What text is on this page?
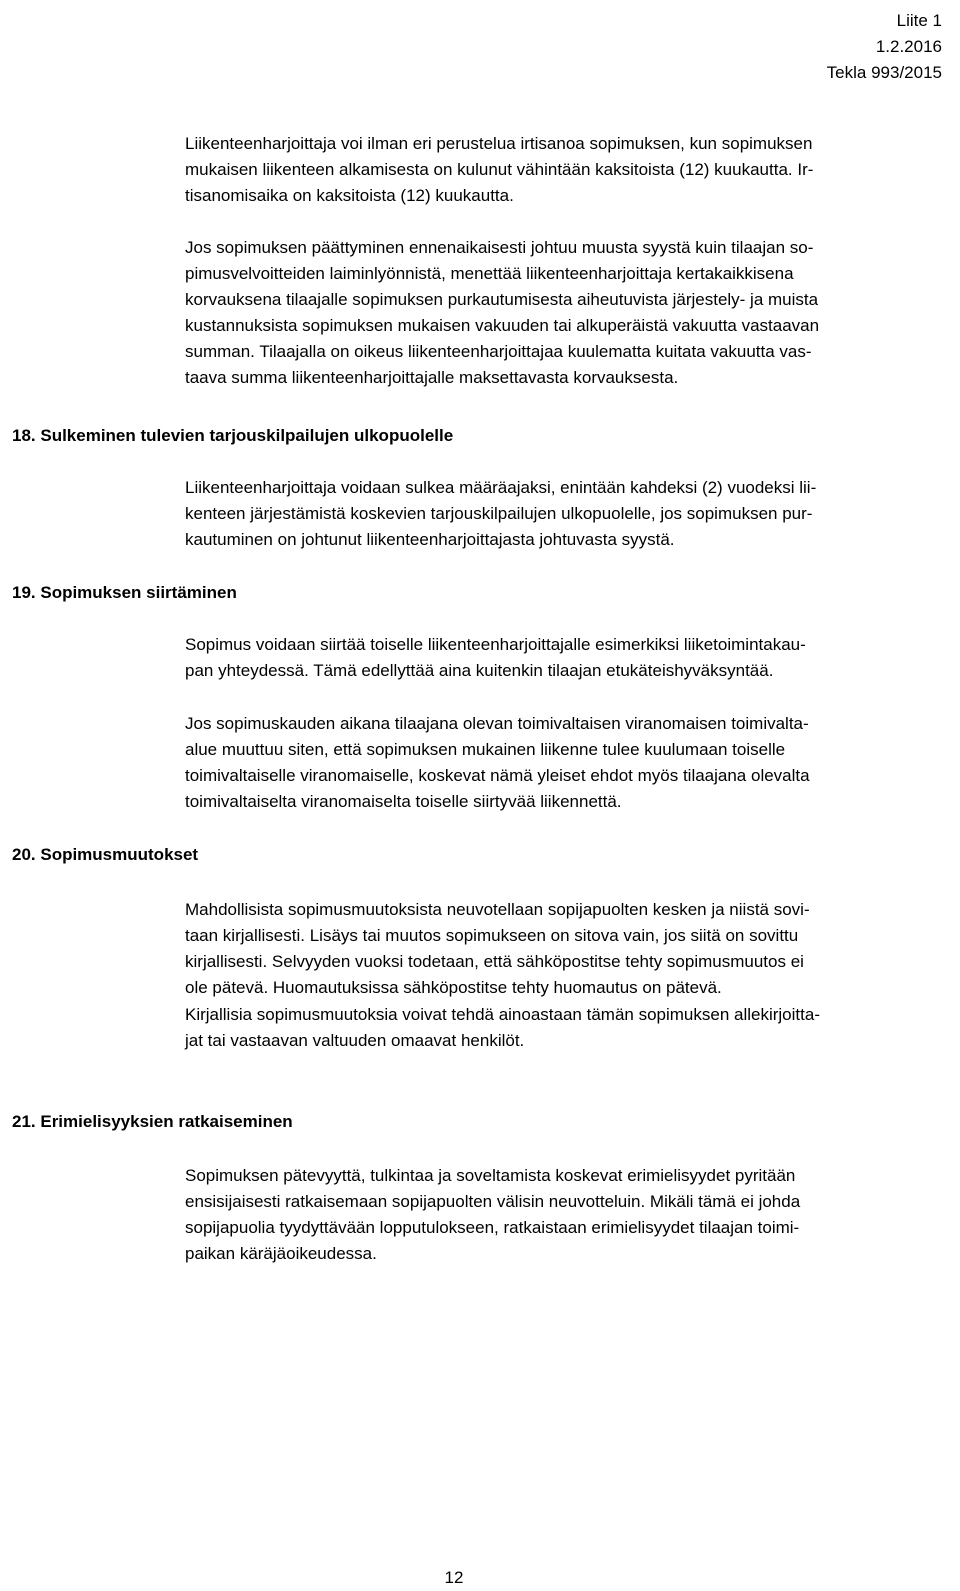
Liite 1
1.2.2016
Tekla 993/2015

Liikenteenharjoittaja voi ilman eri perustelua irtisanoa sopimuksen, kun sopimuksen
mukaisen liikenteen alkamisesta on kulunut vähintään kaksitoista (12) kuukautta. Ir-
tisanomisaika on kaksitoista (12) kuukautta.

Jos sopimuksen päättyminen ennenaikaisesti johtuu muusta syystä kuin tilaajan so-
pimusvelvoitteiden laiminlyönnistä, menettää liikenteenharjoittaja kertakaikkisena
korvauksena tilaajalle sopimuksen purkautumisesta aiheutuvista järjestely- ja muista
kustannuksista sopimuksen mukaisen vakuuden tai alkuperäistä vakuutta vastaavan
summan. Tilaajalla on oikeus liikenteenharjoittajaa kuulematta kuitata vakuutta vas-
taava summa liikenteenharjoittajalle maksettavasta korvauksesta.

18. Sulkeminen tulevien tarjouskilpailujen ulkopuolelle

Liikenteenharjoittaja voidaan sulkea määräajaksi, enintään kahdeksi (2) vuodeksi lii-
kenteen järjestämistä koskevien tarjouskilpailujen ulkopuolelle, jos sopimuksen pur-
kautuminen on johtunut liikenteenharjoittajasta johtuvasta syystä.

19. Sopimuksen siirtäminen

Sopimus voidaan siirtää toiselle liikenteenharjoittajalle esimerkiksi liiketoimintakau-
pan yhteydessä. Tämä edellyttää aina kuitenkin tilaajan etukäteishyväksyntää.

Jos sopimuskauden aikana tilaajana olevan toimivaltaisen viranomaisen toimivalta-
alue muuttuu siten, että sopimuksen mukainen liikenne tulee kuulumaan toiselle
toimivaltaiselle viranomaiselle, koskevat nämä yleiset ehdot myös tilaajana olevalta
toimivaltaiselta viranomaiselta toiselle siirtyvää liikennettä.

20. Sopimusmuutokset

Mahdollisista sopimusmuutoksista neuvotellaan sopijapuolten kesken ja niistä sovi-
taan kirjallisesti. Lisäys tai muutos sopimukseen on sitova vain, jos siitä on sovittu
kirjallisesti. Selvyyden vuoksi todetaan, että sähköpostitse tehty sopimusmuutos ei
ole pätevä. Huomautuksissa sähköpostitse tehty huomautus on pätevä.

Kirjallisia sopimusmuutoksia voivat tehdä ainoastaan tämän sopimuksen allekirjoitta-
jat tai vastaavan valtuuden omaavat henkilöt.

21. Erimielisyyksien ratkaiseminen

Sopimuksen pätevyyttä, tulkintaa ja soveltamista koskevat erimielisyydet pyritään
ensisijaisesti ratkaisemaan sopijapuolten välisin neuvotteluin. Mikäli tämä ei johda
sopijapuolia tyydyttävään lopputulokseen, ratkaistaan erimielisyydet tilaajan toimi-
paikan käräjäoikeudessa.

12
